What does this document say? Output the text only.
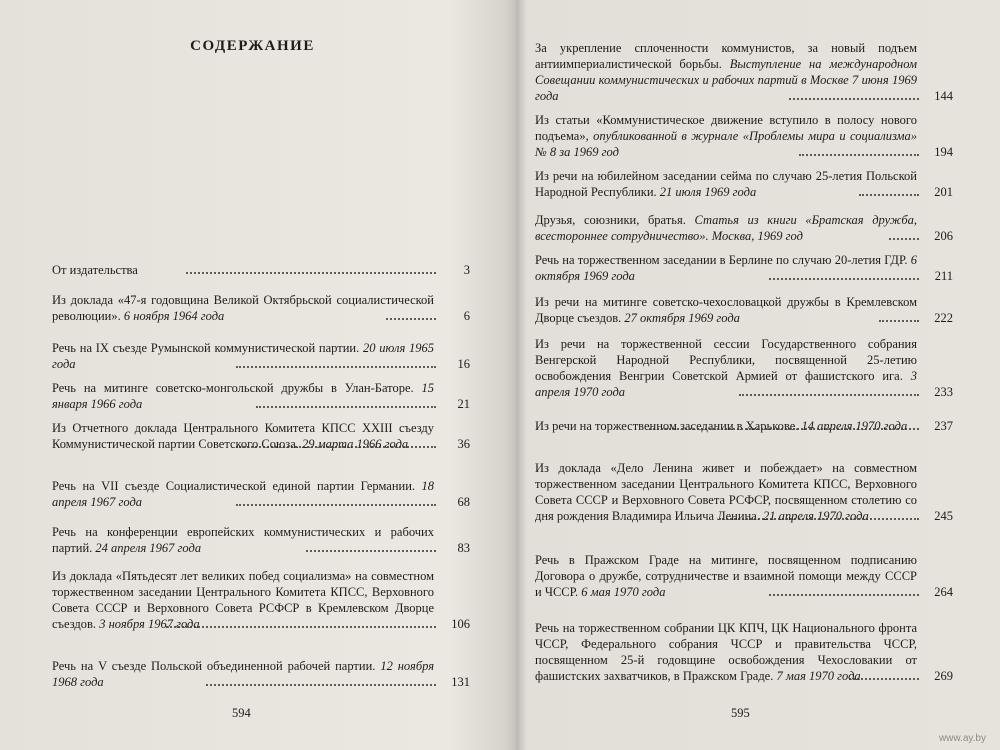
СОДЕРЖАНИЕ
От издательства	3
Из доклада «47-я годовщина Великой Октябрьской социалистической революции». 6 ноября 1964 года	6
Речь на IX съезде Румынской коммунистической партии. 20 июля 1965 года	16
Речь на митинге советско-монгольской дружбы в Улан-Баторе. 15 января 1966 года	21
Из Отчетного доклада Центрального Комитета КПСС XXIII съезду Коммунистической партии Советского Союза. 29 марта 1966 года	36
Речь на VII съезде Социалистической единой партии Германии. 18 апреля 1967 года	68
Речь на конференции европейских коммунистических и рабочих партий. 24 апреля 1967 года	83
Из доклада «Пятьдесят лет великих побед социализма» на совместном торжественном заседании Центрального Комитета КПСС, Верховного Совета СССР и Верховного Совета РСФСР в Кремлевском Дворце съездов. 3 ноября 1967 года	106
Речь на V съезде Польской объединенной рабочей партии. 12 ноября 1968 года	131
594
За укрепление сплоченности коммунистов, за новый подъем антиимпериалистической борьбы. Выступление на международном Совещании коммунистических и рабочих партий в Москве 7 июня 1969 года	144
Из статьи «Коммунистическое движение вступило в полосу нового подъема», опубликованной в журнале «Проблемы мира и социализма» № 8 за 1969 год	194
Из речи на юбилейном заседании сейма по случаю 25-летия Польской Народной Республики. 21 июля 1969 года	201
Друзья, союзники, братья. Статья из книги «Братская дружба, всестороннее сотрудничество». Москва, 1969 год	206
Речь на торжественном заседании в Берлине по случаю 20-летия ГДР. 6 октября 1969 года	211
Из речи на митинге советско-чехословацкой дружбы в Кремлевском Дворце съездов. 27 октября 1969 года	222
Из речи на торжественной сессии Государственного собрания Венгерской Народной Республики, посвященной 25-летию освобождения Венгрии Советской Армией от фашистского ига. 3 апреля 1970 года	233
Из речи на торжественном заседании в Харькове. 14 апреля 1970 года	237
Из доклада «Дело Ленина живет и побеждает» на совместном торжественном заседании Центрального Комитета КПСС, Верховного Совета СССР и Верховного Совета РСФСР, посвященном столетию со дня рождения Владимира Ильича Ленина. 21 апреля 1970 года	245
Речь в Пражском Граде на митинге, посвященном подписанию Договора о дружбе, сотрудничестве и взаимной помощи между СССР и ЧССР. 6 мая 1970 года	264
Речь на торжественном собрании ЦК КПЧ, ЦК Национального фронта ЧССР, Федерального собрания ЧССР и правительства ЧССР, посвященном 25-й годовщине освобождения Чехословакии от фашистских захватчиков, в Пражском Граде. 7 мая 1970 года	269
595
www.ay.by
